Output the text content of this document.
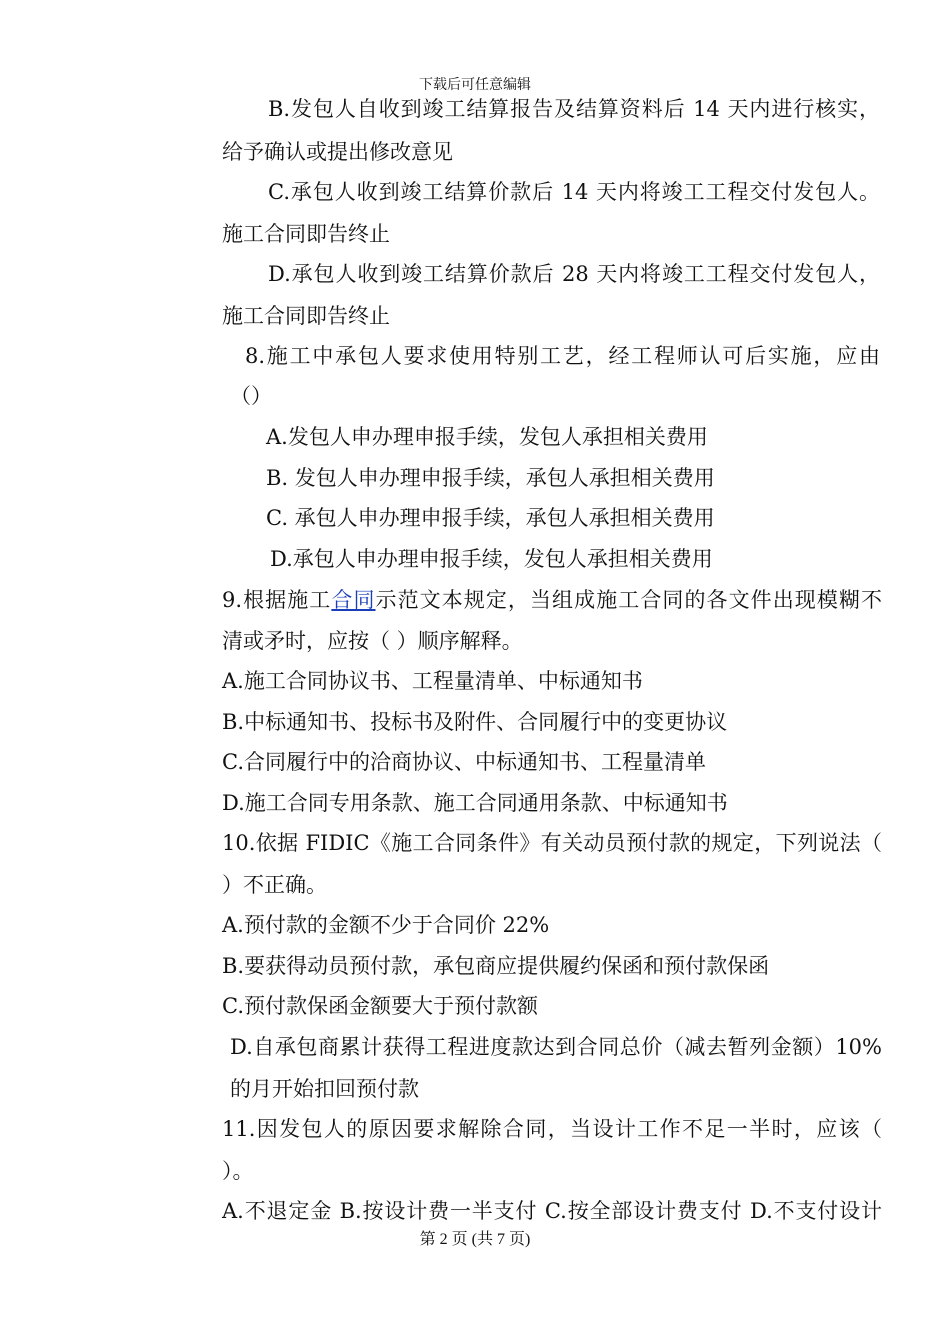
下载后可任意编辑
B.发包人自收到竣工结算报告及结算资料后 14 天内进行核实，
给予确认或提出修改意见
C.承包人收到竣工结算价款后 14 天内将竣工工程交付发包人。
施工合同即告终止
D.承包人收到竣工结算价款后 28 天内将竣工工程交付发包人，
施工合同即告终止
8.施工中承包人要求使用特别工艺，经工程师认可后实施，应由
（）
A.发包人申办理申报手续，发包人承担相关费用
B. 发包人申办理申报手续，承包人承担相关费用
C. 承包人申办理申报手续，承包人承担相关费用
D.承包人申办理申报手续，发包人承担相关费用
9.根据施工合同示范文本规定，当组成施工合同的各文件出现模糊不
清或矛时，应按（ ）顺序解释。
A.施工合同协议书、工程量清单、中标通知书
B.中标通知书、投标书及附件、合同履行中的变更协议
C.合同履行中的洽商协议、中标通知书、工程量清单
D.施工合同专用条款、施工合同通用条款、中标通知书
10.依据 FIDIC《施工合同条件》有关动员预付款的规定，下列说法（
）不正确。
A.预付款的金额不少于合同价 22%
B.要获得动员预付款，承包商应提供履约保函和预付款保函
C.预付款保函金额要大于预付款额
D.自承包商累计获得工程进度款达到合同总价（减去暂列金额）10%
的月开始扣回预付款
11.因发包人的原因要求解除合同，当设计工作不足一半时，应该（
）。
A.不退定金 B.按设计费一半支付 C.按全部设计费支付 D.不支付设计
第 2 页 (共 7 页)
